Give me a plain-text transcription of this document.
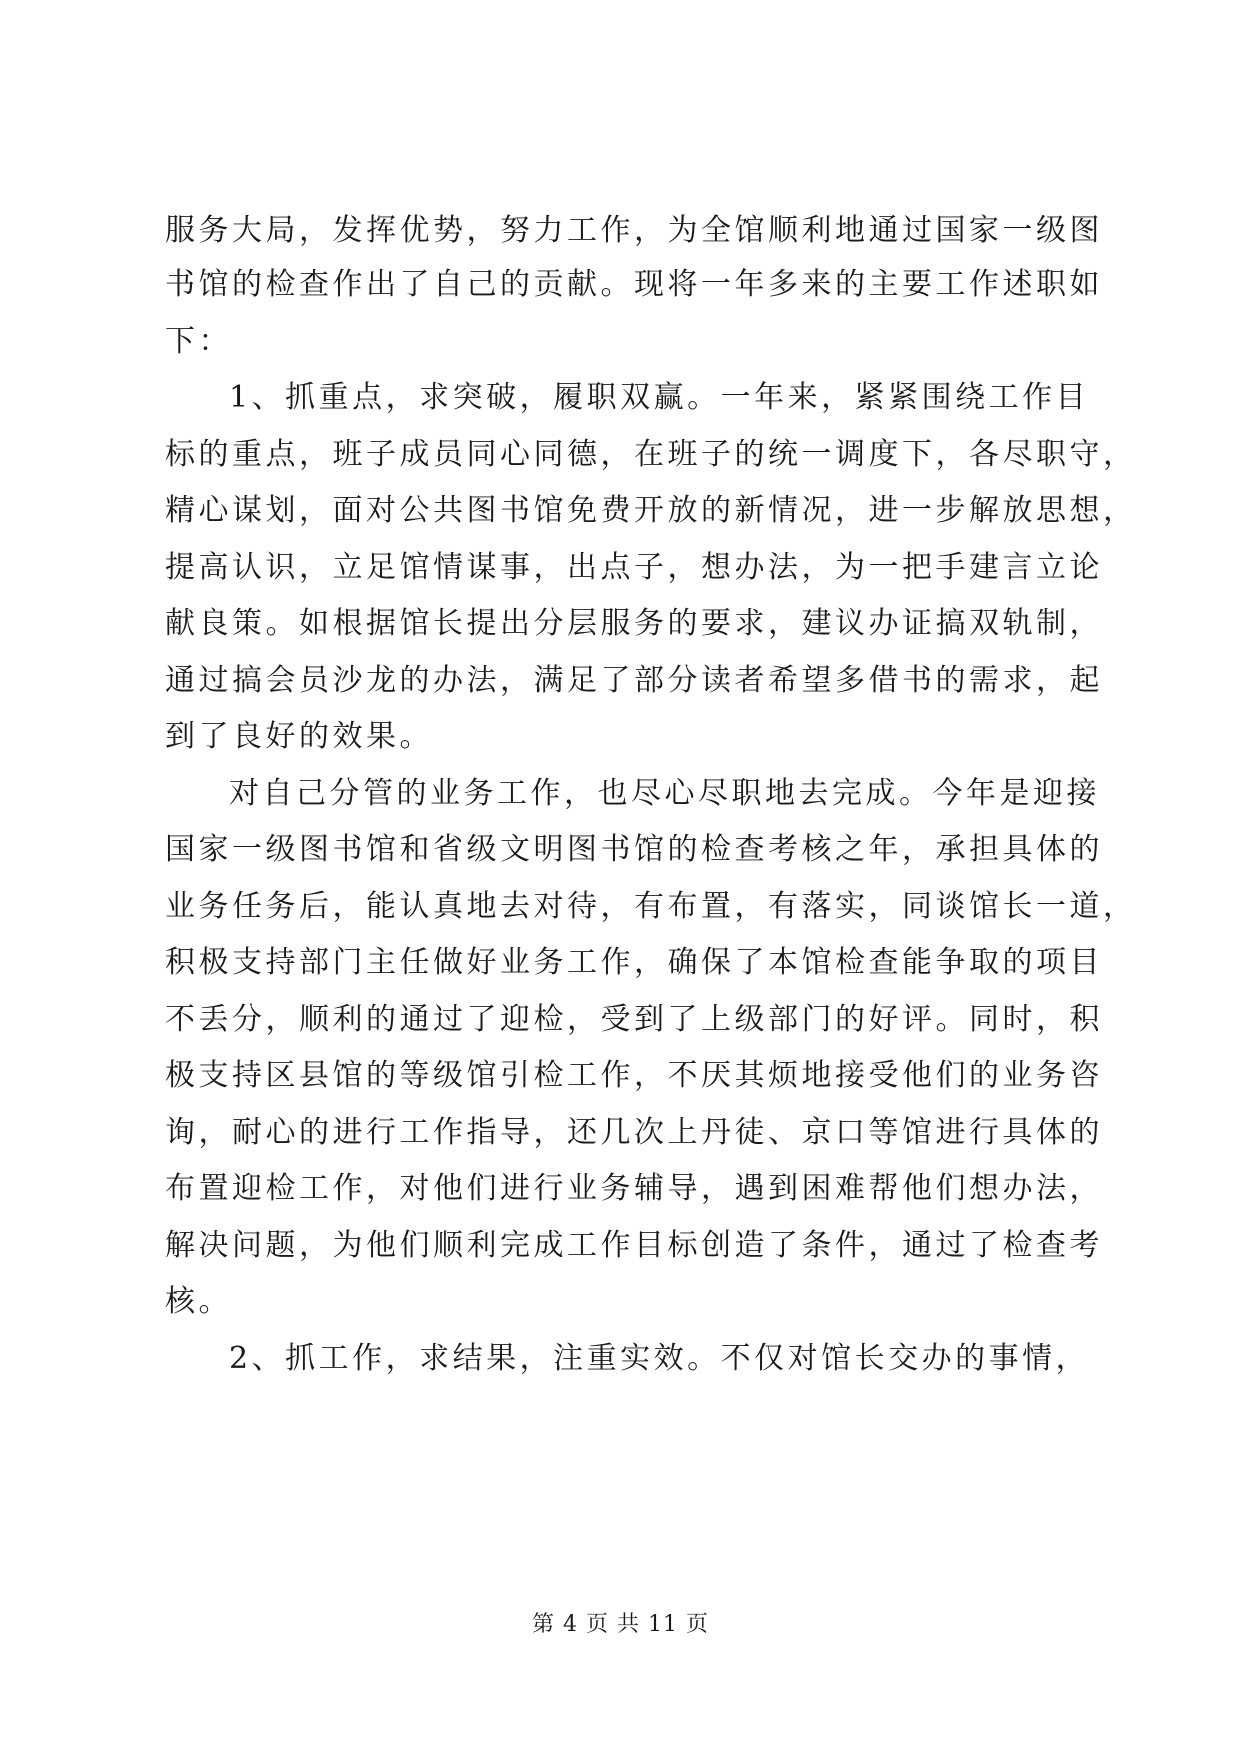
服务大局，发挥优势，努力工作，为全馆顺利地通过国家一级图
书馆的检查作出了自己的贡献。现将一年多来的主要工作述职如
下：
1、抓重点，求突破，履职双赢。一年来，紧紧围绕工作目
标的重点，班子成员同心同德，在班子的统一调度下，各尽职守，
精心谋划，面对公共图书馆免费开放的新情况，进一步解放思想，
提高认识，立足馆情谋事，出点子，想办法，为一把手建言立论
献良策。如根据馆长提出分层服务的要求，建议办证搞双轨制，
通过搞会员沙龙的办法，满足了部分读者希望多借书的需求，起
到了良好的效果。
对自己分管的业务工作，也尽心尽职地去完成。今年是迎接
国家一级图书馆和省级文明图书馆的检查考核之年，承担具体的
业务任务后，能认真地去对待，有布置，有落实，同谈馆长一道，
积极支持部门主任做好业务工作，确保了本馆检查能争取的项目
不丢分，顺利的通过了迎检，受到了上级部门的好评。同时，积
极支持区县馆的等级馆引检工作，不厌其烦地接受他们的业务咨
询，耐心的进行工作指导，还几次上丹徒、京口等馆进行具体的
布置迎检工作，对他们进行业务辅导，遇到困难帮他们想办法，
解决问题，为他们顺利完成工作目标创造了条件，通过了检查考
核。
2、抓工作，求结果，注重实效。不仅对馆长交办的事情，
第 4 页 共 11 页
